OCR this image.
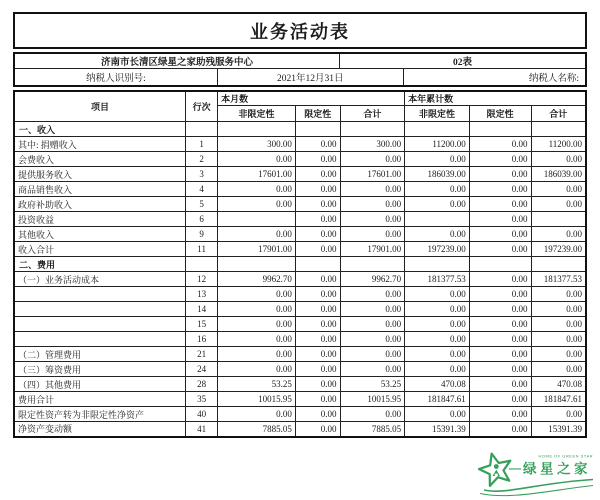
业务活动表
济南市长清区绿星之家助残服务中心	02表
纳税人识别号:	2021年12月31日	纳税人名称:
项目	行次	本月数			本年累计数		
		非限定性	限定性	合计	非限定性	限定性	合计
一、收入							
其中: 捐赠收入	1	300.00	0.00	300.00	11200.00	0.00	11200.00
会费收入	2	0.00	0.00	0.00	0.00	0.00	0.00
提供服务收入	3	17601.00	0.00	17601.00	186039.00	0.00	186039.00
商品销售收入	4	0.00	0.00	0.00	0.00	0.00	0.00
政府补助收入	5	0.00	0.00	0.00	0.00	0.00	0.00
投资收益	6		0.00	0.00		0.00	
其他收入	9	0.00	0.00	0.00	0.00	0.00	0.00
收入合计	11	17901.00	0.00	17901.00	197239.00	0.00	197239.00
二、费用							
（一）业务活动成本	12	9962.70	0.00	9962.70	181377.53	0.00	181377.53
	13	0.00	0.00	0.00	0.00	0.00	0.00
	14	0.00	0.00	0.00	0.00	0.00	0.00
	15	0.00	0.00	0.00	0.00	0.00	0.00
	16	0.00	0.00	0.00	0.00	0.00	0.00
（二）管理费用	21	0.00	0.00	0.00	0.00	0.00	0.00
（三）筹资费用	24	0.00	0.00	0.00	0.00	0.00	0.00
（四）其他费用	28	53.25	0.00	53.25	470.08	0.00	470.08
费用合计	35	10015.95	0.00	10015.95	181847.61	0.00	181847.61
限定性资产转为非限定性净资产	40	0.00	0.00	0.00	0.00	0.00	0.00
净资产变动额	41	7885.05	0.00	7885.05	15391.39	0.00	15391.39
HOME OF GREEN STAR
绿星之家
